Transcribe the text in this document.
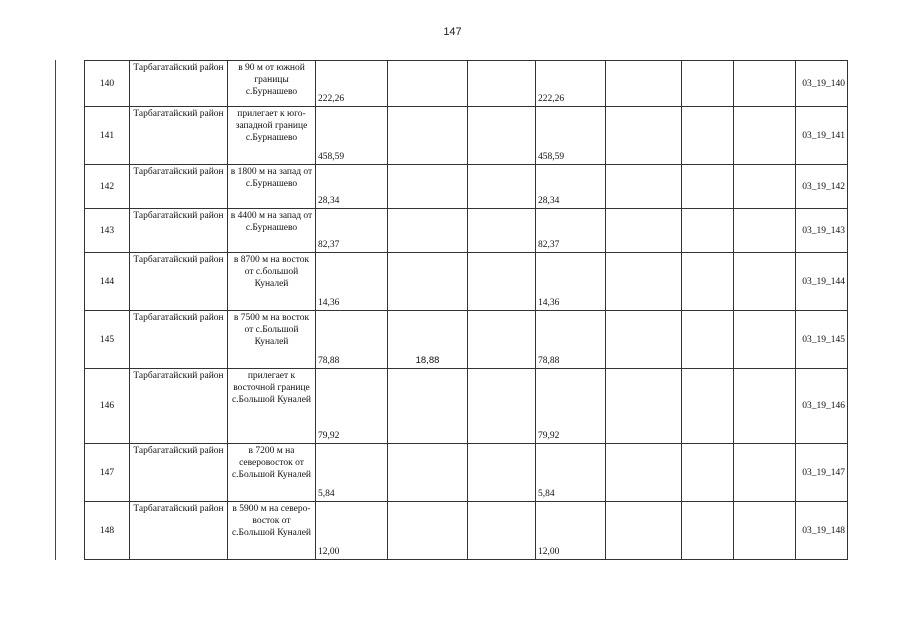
147
140	Тарбагатайский район	в 90 м от южной границы с.Бурнашево	222,26			222,26				03_19_140
141	Тарбагатайский район	прилегает к юго-западной границе с.Бурнашево	458,59			458,59				03_19_141
142	Тарбагатайский район	в 1800 м на запад от с.Бурнашево	28,34			28,34				03_19_142
143	Тарбагатайский район	в 4400 м на запад от с.Бурнашево	82,37			82,37				03_19_143
144	Тарбагатайский район	в 8700 м на восток от с.большой Куналей	14,36			14,36				03_19_144
145	Тарбагатайский район	в 7500 м на восток от с.Большой Куналей	78,88	18,88		78,88				03_19_145
146	Тарбагатайский район	прилегает к восточной границе с.Большой Куналей	79,92			79,92				03_19_146
147	Тарбагатайский район	в 7200 м на северовосток от с.Большой Куналей	5,84			5,84				03_19_147
148	Тарбагатайский район	в 5900 м на северо-восток от с.Большой Куналей	12,00			12,00				03_19_148
